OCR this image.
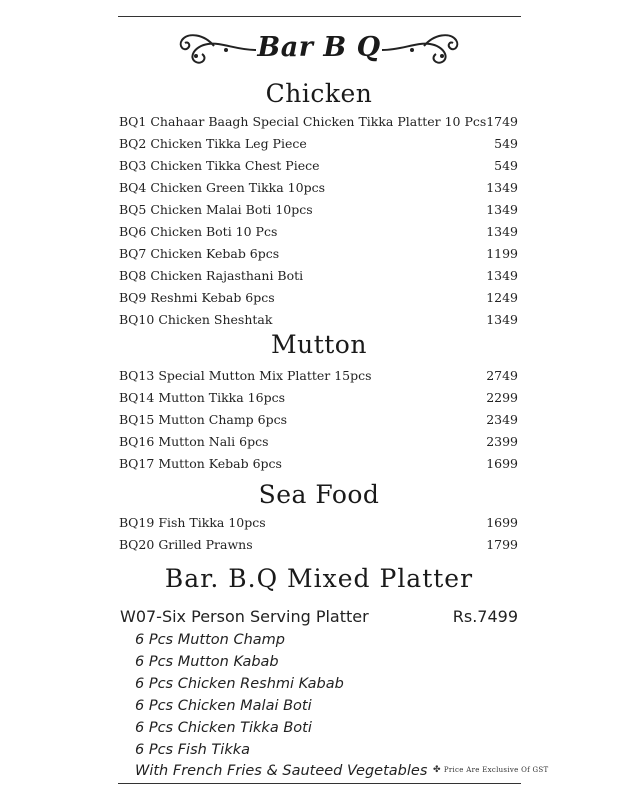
Bar B Q
Chicken
BQ1 Chahaar Baagh Special Chicken Tikka Platter 10 Pcs 1749
BQ2 Chicken Tikka Leg Piece	549
BQ3 Chicken Tikka Chest Piece	549
BQ4 Chicken Green Tikka 10pcs	1349
BQ5 Chicken Malai Boti 10pcs	1349
BQ6 Chicken Boti 10 Pcs	1349
BQ7 Chicken Kebab 6pcs	1199
BQ8 Chicken Rajasthani Boti	1349
BQ9 Reshmi Kebab 6pcs	1249
BQ10 Chicken Sheshtak	1349
Mutton
BQ13 Special Mutton Mix Platter 15pcs	2749
BQ14 Mutton Tikka 16pcs	2299
BQ15 Mutton Champ 6pcs	2349
BQ16 Mutton Nali 6pcs	2399
BQ17 Mutton Kebab 6pcs	1699
Sea Food
BQ19 Fish Tikka 10pcs	1699
BQ20 Grilled Prawns	1799
Bar. B.Q Mixed Platter
W07-Six Person Serving Platter	Rs.7499
6 Pcs Mutton Champ
6 Pcs Mutton Kabab
6 Pcs Chicken Reshmi Kabab
6 Pcs Chicken Malai Boti
6 Pcs Chicken Tikka Boti
6 Pcs Fish Tikka
With French Fries & Sauteed Vegetables ✤ Price Are Exclusive Of GST
